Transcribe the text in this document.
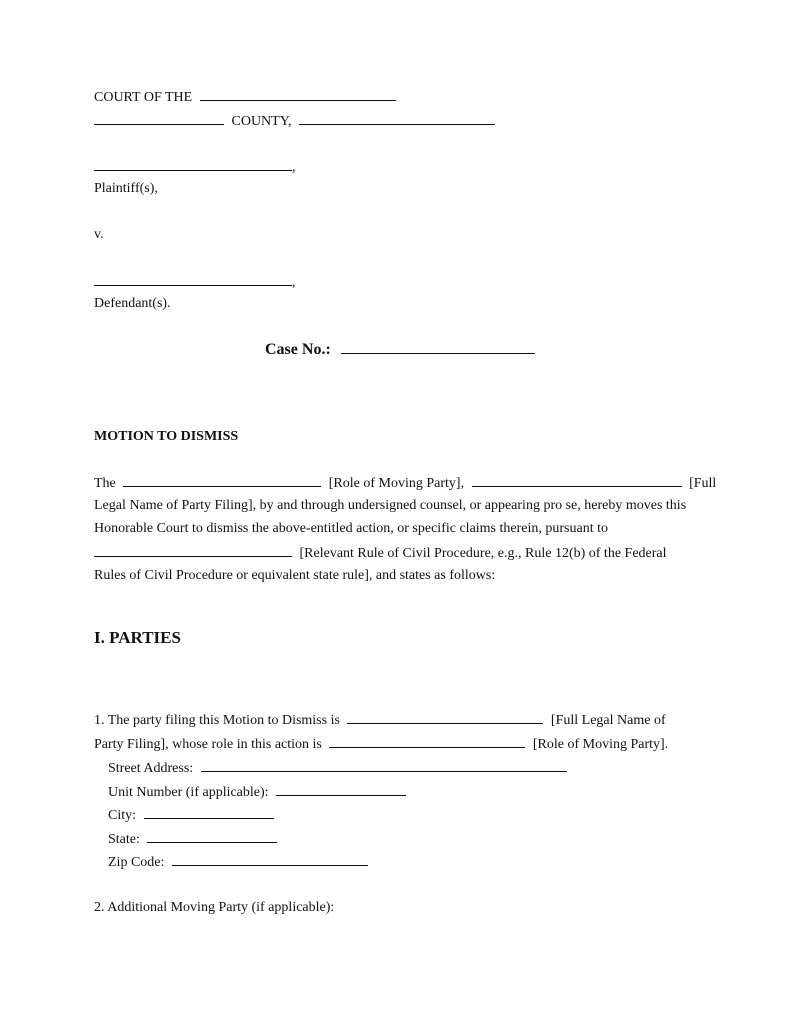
COURT OF THE
COUNTY,
,
Plaintiff(s),
v.
,
Defendant(s).
Case No.:
MOTION TO DISMISS
The	[Role of Moving Party],	[Full
Legal Name of Party Filing], by and through undersigned counsel, or appearing pro se, hereby moves this
Honorable Court to dismiss the above-entitled action, or specific claims therein, pursuant to
[Relevant Rule of Civil Procedure, e.g., Rule 12(b) of the Federal
Rules of Civil Procedure or equivalent state rule], and states as follows:
I. PARTIES
1. The party filing this Motion to Dismiss is	[Full Legal Name of
Party Filing], whose role in this action is	[Role of Moving Party].
Street Address:
Unit Number (if applicable):
City:
State:
Zip Code:
2. Additional Moving Party (if applicable):
